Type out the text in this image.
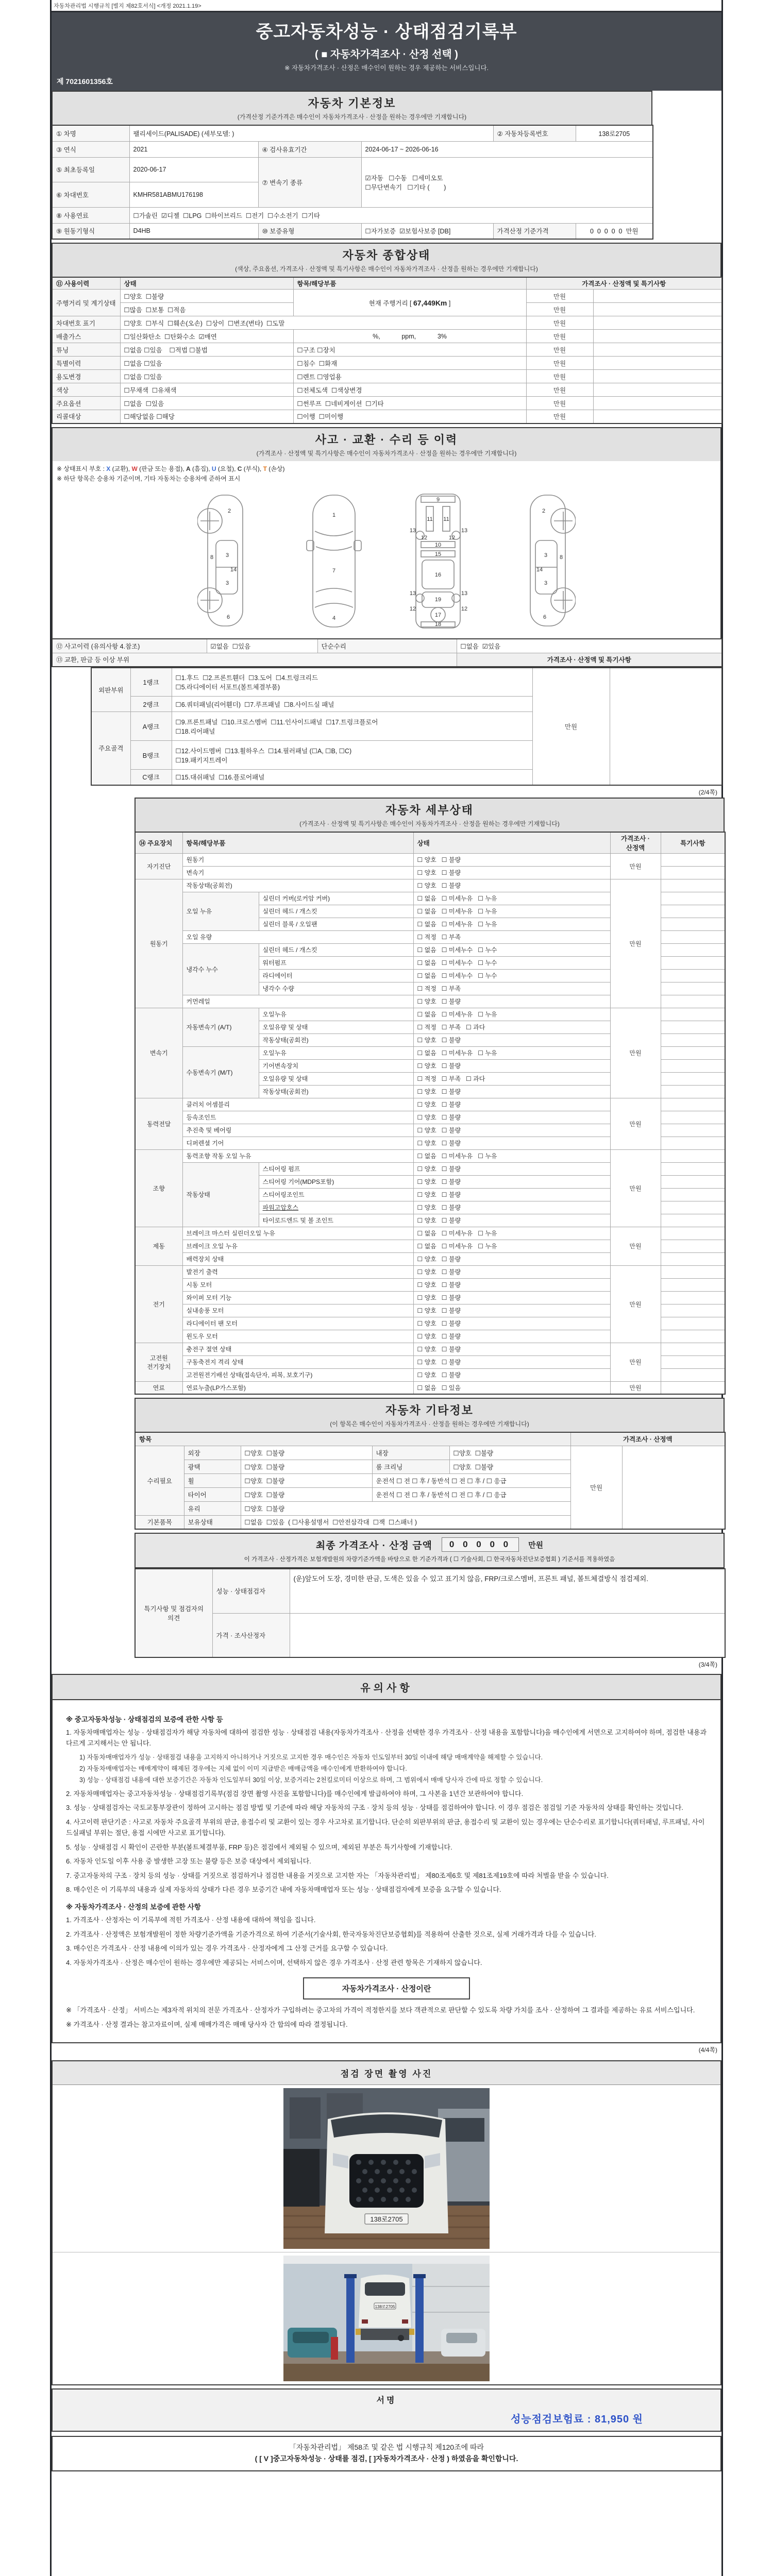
자동차관리법 시행규칙 [별지 제82호서식] <개정 2021.1.19>
중고자동차성능 · 상태점검기록부
( ■ 자동차가격조사 · 산정 선택 )
※ 자동차가격조사 · 산정은 매수인이 원하는 경우 제공하는 서비스입니다.
제 7021601356호
자동차 기본정보
(가격산정 기준가격은 매수인이 자동차가격조사 · 산정을 원하는 경우에만 기재합니다)
① 차명	팰리세이드(PALISADE) (세부모델: )			② 자동차등록번호	138로2705
③ 연식	2021	④ 검사유효기간	2024-06-17 ~ 2026-06-16		
⑤ 최초등록일	2020-06-17	⑦ 변속기 종류	☑자동   ☐수동   ☐세미오토
☐무단변속기   ☐기타 (        )		

⑥ 차대번호	KMHR581ABMU176198				
⑧ 사용연료	☐가솔린  ☑디젤  ☐LPG  ☐하이브리드  ☐전기  ☐수소전기  ☐기타				
⑨ 원동기형식	D4HB	⑩ 보증유형	☐자가보증  ☑보험사보증 [DB]	가격산정 기준가격	0  0  0  0  0  만원
자동차 종합상태
(색상, 주요옵션, 가격조사 · 산정액 및 특기사항은 매수인이 자동차가격조사 · 산정을 원하는 경우에만 기재합니다)
⑪ 사용이력	상태	항목/해당부품	가격조사 · 산정액 및 특기사항	
주행거리 및 계기상태	☐양호  ☐불량	현재 주행거리 [ 67,449Km ]	만원	
	☐많음  ☐보통  ☐적음		만원	
차대번호 표기	☐양호  ☐부식  ☐훼손(오손)  ☐상이  ☐변조(변타)  ☐도말		만원	
배출가스	☐일산화탄소  ☐탄화수소  ☑매연	%,            ppm,            3%	만원	
튜닝	☐없음 ☐있음 ☐적법 ☐불법	☐구조 ☐장치	만원	
특별이력	☐없음 ☐있음	☐침수  ☐화재	만원	
용도변경	☐없음 ☐있음	☐렌트 ☐영업용	만원	
색상	☐무채색  ☐유채색	☐전체도색  ☐색상변경	만원	
주요옵션	☐없음  ☐있음	☐썬루프  ☐네비게이션  ☐기타	만원	
리콜대상	☐해당없음 ☐해당	☐이행  ☐미이행	만원	
사고 · 교환 · 수리 등 이력
(가격조사 · 산정액 및 특기사항은 매수인이 자동차가격조사 · 산정을 원하는 경우에만 기재합니다)
※ 상태표시 부호 : X (교환), W (판금 또는 용접), A (흠집), U (요철), C (부식), T (손상)
※ 하단 항목은 승용차 기준이며, 기타 자동차는 승용차에 준하여 표시
2
8 3
14
3
6
1
7
4
9
11 11
13	13
12	12
10
15
16
19
13	13
12	12
17
18
2
3
14
3
8
6
⑫ 사고이력 (유의사항 4.참조)	☑없음  ☐있음	단순수리	☐없음  ☑있음
⑬ 교환, 판금 등 이상 부위			가격조사 · 산정액 및 특기사항
외판부위	1랭크	☐1.후드  ☐2.프론트휀더  ☐3.도어  ☐4.트렁크리드
☐5.라디에이터 서포트(볼트체결부품)	만원	
	2랭크	☐6.쿼터패널(리어휀더)  ☐7.루프패널  ☐8.사이드실 패널		
주요골격	A랭크	☐9.프론트패널  ☐10.크로스멤버  ☐11.인사이드패널  ☐17.트렁크플로어
☐18.리어패널		

	B랭크	☐12.사이드멤버  ☐13.휠하우스  ☐14.필러패널 (☐A, ☐B, ☐C)
☐19.패키지트레이		

	C랭크	☐15.대쉬패널  ☐16.플로어패널		
(2/4쪽)
자동차 세부상태
(가격조사 · 산정액 및 특기사항은 매수인이 자동차가격조사 · 산정을 원하는 경우에만 기재합니다)
⑭ 주요장치	항목/해당부품		상태	가격조사 · 산정액	특기사항
자기진단	원동기		☐ 양호   ☐ 불량	만원	
	변속기		☐ 양호   ☐ 불량		
원동기	작동상태(공회전)		☐ 양호   ☐ 불량	만원	
	오일 누유	실린더 커버(로커암 커버)	☐ 없음   ☐ 미세누유   ☐ 누유		
		실린더 헤드 / 개스킷	☐ 없음   ☐ 미세누유   ☐ 누유		
		실린더 블록 / 오일팬	☐ 없음   ☐ 미세누유   ☐ 누유		
	오일 유량		☐ 적정   ☐ 부족		
	냉각수 누수	실린더 헤드 / 개스킷	☐ 없음   ☐ 미세누수   ☐ 누수		
		워터펌프	☐ 없음   ☐ 미세누수   ☐ 누수		
		라디에이터	☐ 없음   ☐ 미세누수   ☐ 누수		
		냉각수 수량	☐ 적정   ☐ 부족		
	커먼레일		☐ 양호   ☐ 불량		
변속기	자동변속기 (A/T)	오일누유	☐ 없음   ☐ 미세누유   ☐ 누유	만원	
		오일유량 및 상태	☐ 적정   ☐ 부족   ☐ 과다		
		작동상태(공회전)	☐ 양호   ☐ 불량		
	수동변속기 (M/T)	오일누유	☐ 없음   ☐ 미세누유   ☐ 누유		
		기어변속장치	☐ 양호   ☐ 불량		
		오일유량 및 상태	☐ 적정   ☐ 부족   ☐ 과다		
		작동상태(공회전)	☐ 양호   ☐ 불량		
동력전달	클러치 어셈블리		☐ 양호   ☐ 불량	만원	
	등속조인트		☐ 양호   ☐ 불량		
	추진축 및 베어링		☐ 양호   ☐ 불량		
	디퍼렌셜 기어		☐ 양호   ☐ 불량		
조향	동력조향 작동 오일 누유		☐ 없음   ☐ 미세누유   ☐ 누유	만원	
	작동상태	스티어링 펌프	☐ 양호   ☐ 불량		
		스티어링 기어(MDPS포함)	☐ 양호   ☐ 불량		
		스티어링조인트	☐ 양호   ☐ 불량		
		파워고압호스	☐ 양호   ☐ 불량		
		타이로드엔드 및 볼 조인트	☐ 양호   ☐ 불량		
제동	브레이크 마스터 실린더오일 누유		☐ 없음   ☐ 미세누유   ☐ 누유	만원	
	브레이크 오일 누유		☐ 없음   ☐ 미세누유   ☐ 누유		
	배력장치 상태		☐ 양호   ☐ 불량		
전기	발전기 출력		☐ 양호   ☐ 불량	만원	
	시동 모터		☐ 양호   ☐ 불량		
	와이퍼 모터 기능		☐ 양호   ☐ 불량		
	실내송풍 모터		☐ 양호   ☐ 불량		
	라디에이터 팬 모터		☐ 양호   ☐ 불량		
	윈도우 모터		☐ 양호   ☐ 불량		
고전원 전기장치	충전구 절연 상태		☐ 양호   ☐ 불량	만원	
	구동축전지 격리 상태		☐ 양호   ☐ 불량		
	고전원전기배선 상태(접속단자, 피복, 보호기구)		☐ 양호   ☐ 불량		
연료	연료누출(LP가스포함)		☐ 없음   ☐ 있음	만원	
자동차 기타정보
(이 항목은 매수인이 자동차가격조사 · 산정을 원하는 경우에만 기재합니다)
항목					가격조사 · 산정액	
수리필요	외장	☐양호  ☐불량	내장	☐양호  ☐불량	만원	
	광택	☐양호  ☐불량	룸 크리닝	☐양호  ☐불량		
	휠	☐양호  ☐불량	운전석 ☐ 전 ☐ 후 / 동반석 ☐ 전 ☐ 후 / ☐ 응급			
	타이어	☐양호  ☐불량	운전석 ☐ 전 ☐ 후 / 동반석 ☐ 전 ☐ 후 / ☐ 응급			
	유리	☐양호  ☐불량				
기본품목	보유상태	☐없음  ☐있음  ( ☐사용설명서  ☐안전삼각대  ☐잭  ☐스패너 )				
최종 가격조사 · 산정 금액	0 0 0 0 0	만원
이 가격조사 · 산정가격은 보험개발원의 차량기준가액을 바탕으로 한 기준가격과 ( ☐ 기술사회, ☐ 한국자동차진단보증협회 ) 기준서를 적용하였음
특기사항 및 점검자의 의견	성능 · 상태점검자	(운)앞도어 도장, 경미한 판금, 도색은 있을 수 있고 표기치 않음, FRP/크로스멤버, 프론트 패널, 볼트체결방식 점검제외.
	가격 · 조사산정자	
(3/4쪽)
유의사항
※ 중고자동차성능 · 상태점검의 보증에 관한 사항 등
1. 자동차매매업자는 성능 · 상태점검자가 해당 자동차에 대하여 점검한 성능 · 상태점검 내용(자동차가격조사 · 산정을 선택한 경우 가격조사 · 산정 내용을 포함합니다)을 매수인에게 서면으로 고지하여야 하며, 점검한 내용과 다르게 고지해서는 안 됩니다.
1) 자동차매매업자가 성능 · 상태점검 내용을 고지하지 아니하거나 거짓으로 고지한 경우 매수인은 자동차 인도일부터 30일 이내에 해당 매매계약을 해제할 수 있습니다.
2) 자동차매매업자는 매매계약이 해제된 경우에는 지체 없이 이미 지급받은 매매금액을 매수인에게 반환하여야 합니다.
3) 성능 · 상태점검 내용에 대한 보증기간은 자동차 인도일부터 30일 이상, 보증거리는 2천킬로미터 이상으로 하며, 그 범위에서 매매 당사자 간에 따로 정할 수 있습니다.
2. 자동차매매업자는 중고자동차성능 · 상태점검기록부(점검 장면 촬영 사진을 포함합니다)를 매수인에게 발급하여야 하며, 그 사본을 1년간 보관하여야 합니다.
3. 성능 · 상태점검자는 국토교통부장관이 정하여 고시하는 점검 방법 및 기준에 따라 해당 자동차의 구조 · 장치 등의 성능 · 상태를 점검하여야 합니다. 이 경우 점검은 점검일 기준 자동차의 상태를 확인하는 것입니다.
4. 사고이력 판단기준 : 사고로 자동차 주요골격 부위의 판금, 용접수리 및 교환이 있는 경우 사고차로 표기합니다. 단순히 외판부위의 판금, 용접수리 및 교환이 있는 경우에는 단순수리로 표기합니다(쿼터패널, 루프패널, 사이드실패널 부위는 절단, 용접 시에만 사고로 표기합니다).
5. 성능 · 상태점검 시 확인이 곤란한 부분(볼트체결부품, FRP 등)은 점검에서 제외될 수 있으며, 제외된 부분은 특기사항에 기재합니다.
6. 자동차 인도일 이후 사용 중 발생한 고장 또는 불량 등은 보증 대상에서 제외됩니다.
7. 중고자동차의 구조 · 장치 등의 성능 · 상태를 거짓으로 점검하거나 점검한 내용을 거짓으로 고지한 자는 「자동차관리법」 제80조제6호 및 제81조제19호에 따라 처벌을 받을 수 있습니다.
8. 매수인은 이 기록부의 내용과 실제 자동차의 상태가 다른 경우 보증기간 내에 자동차매매업자 또는 성능 · 상태점검자에게 보증을 요구할 수 있습니다.
※ 자동차가격조사 · 산정의 보증에 관한 사항
1. 가격조사 · 산정자는 이 기록부에 적힌 가격조사 · 산정 내용에 대하여 책임을 집니다.
2. 가격조사 · 산정액은 보험개발원이 정한 차량기준가액을 기준가격으로 하여 기준서(기술사회, 한국자동차진단보증협회)를 적용하여 산출한 것으로, 실제 거래가격과 다를 수 있습니다.
3. 매수인은 가격조사 · 산정 내용에 이의가 있는 경우 가격조사 · 산정자에게 그 산정 근거를 요구할 수 있습니다.
4. 자동차가격조사 · 산정은 매수인이 원하는 경우에만 제공되는 서비스이며, 선택하지 않은 경우 가격조사 · 산정 관련 항목은 기재하지 않습니다.
자동차가격조사 · 산정이란
※ 「가격조사 · 산정」 서비스는 제3자적 위치의 전문 가격조사 · 산정자가 구입하려는 중고차의 가격이 적정한지를 보다 객관적으로 판단할 수 있도록 차량 가치를 조사 · 산정하여 그 결과를 제공하는 유료 서비스입니다.
※ 가격조사 · 산정 결과는 참고자료이며, 실제 매매가격은 매매 당사자 간 합의에 따라 결정됩니다.
(4/4쪽)
점검 장면 촬영 사진
138로2705
138로2705
서명
성능점검보험료 : 81,950 원
「자동차관리법」 제58조 및 같은 법 시행규칙 제120조에 따라
( [ V ]중고자동차성능 · 상태를 점검, [ ]자동차가격조사 · 산정 ) 하였음을 확인합니다.
